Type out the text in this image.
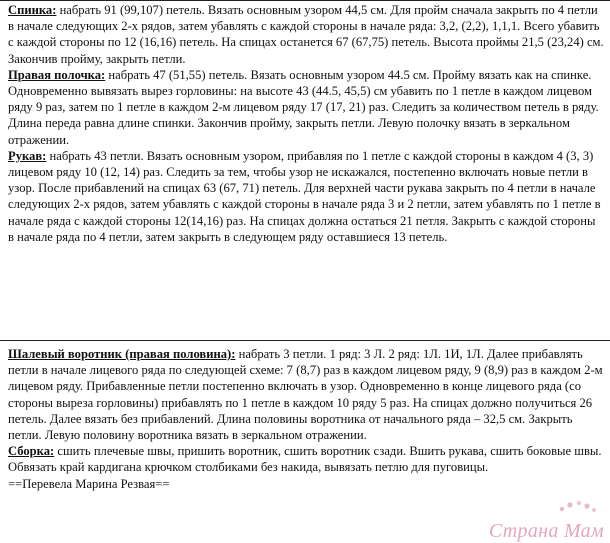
Спинка: набрать 91 (99,107) петель. Вязать основным узором 44,5 см. Для пройм сначала закрыть по 4 петли в начале следующих 2-х рядов, затем убавлять с каждой стороны в начале ряда: 3,2, (2,2), 1,1,1. Всего убавить с каждой стороны по 12 (16,16) петель. На спицах останется 67 (67,75) петель. Высота проймы 21,5 (23,24) см. Закончив пройму, закрыть петли.

Правая полочка: набрать 47 (51,55) петель. Вязать основным узором 44.5 см. Пройму вязать как на спинке. Одновременно вывязать вырез горловины: на высоте 43 (44.5, 45,5) см убавить по 1 петле в каждом лицевом ряду 9 раз, затем по 1 петле в каждом 2-м лицевом ряду 17 (17, 21) раз. Следить за количеством петель в ряду. Длина переда равна длине спинки. Закончив пройму, закрыть петли. Левую полочку вязать в зеркальном отражении.

Рукав: набрать 43 петли. Вязать основным узором, прибавляя по 1 петле с каждой стороны в каждом 4 (3, 3) лицевом ряду 10 (12, 14) раз. Следить за тем, чтобы узор не искажался, постепенно включать новые петли в узор. После прибавлений на спицах 63 (67, 71) петель. Для верхней части рукава закрыть по 4 петли в начале следующих 2-х рядов, затем убавлять с каждой стороны в начале ряда 3 и 2 петли, затем убавлять по 1 петле в начале ряда с каждой стороны 12(14,16) раз. На спицах должна остаться 21 петля. Закрыть с каждой стороны в начале ряда по 4 петли, затем закрыть в следующем ряду оставшиеся 13 петель.

Шалевый воротник (правая половина): набрать 3 петли. 1 ряд: 3 Л. 2 ряд: 1Л. 1И, 1Л. Далее прибавлять петли в начале лицевого ряда по следующей схеме: 7 (8,7) раз в каждом лицевом ряду, 9 (8,9) раз в каждом 2-м лицевом ряду. Прибавленные петли постепенно включать в узор. Одновременно в конце лицевого ряда (со стороны выреза горловины) прибавлять по 1 петле в каждом 10 ряду 5 раз. На спицах должно получиться 26 петель. Далее вязать без прибавлений. Длина половины воротника от начального ряда – 32,5 см. Закрыть петли. Левую половину воротника вязать в зеркальном отражении.

Сборка: сшить плечевые швы, пришить воротник, сшить воротник сзади. Вшить рукава, сшить боковые швы. Обвязать край кардигана крючком столбиками без накида, вывязать петлю для пуговицы.

==Перевела Марина Резвая==

Страна Мам
